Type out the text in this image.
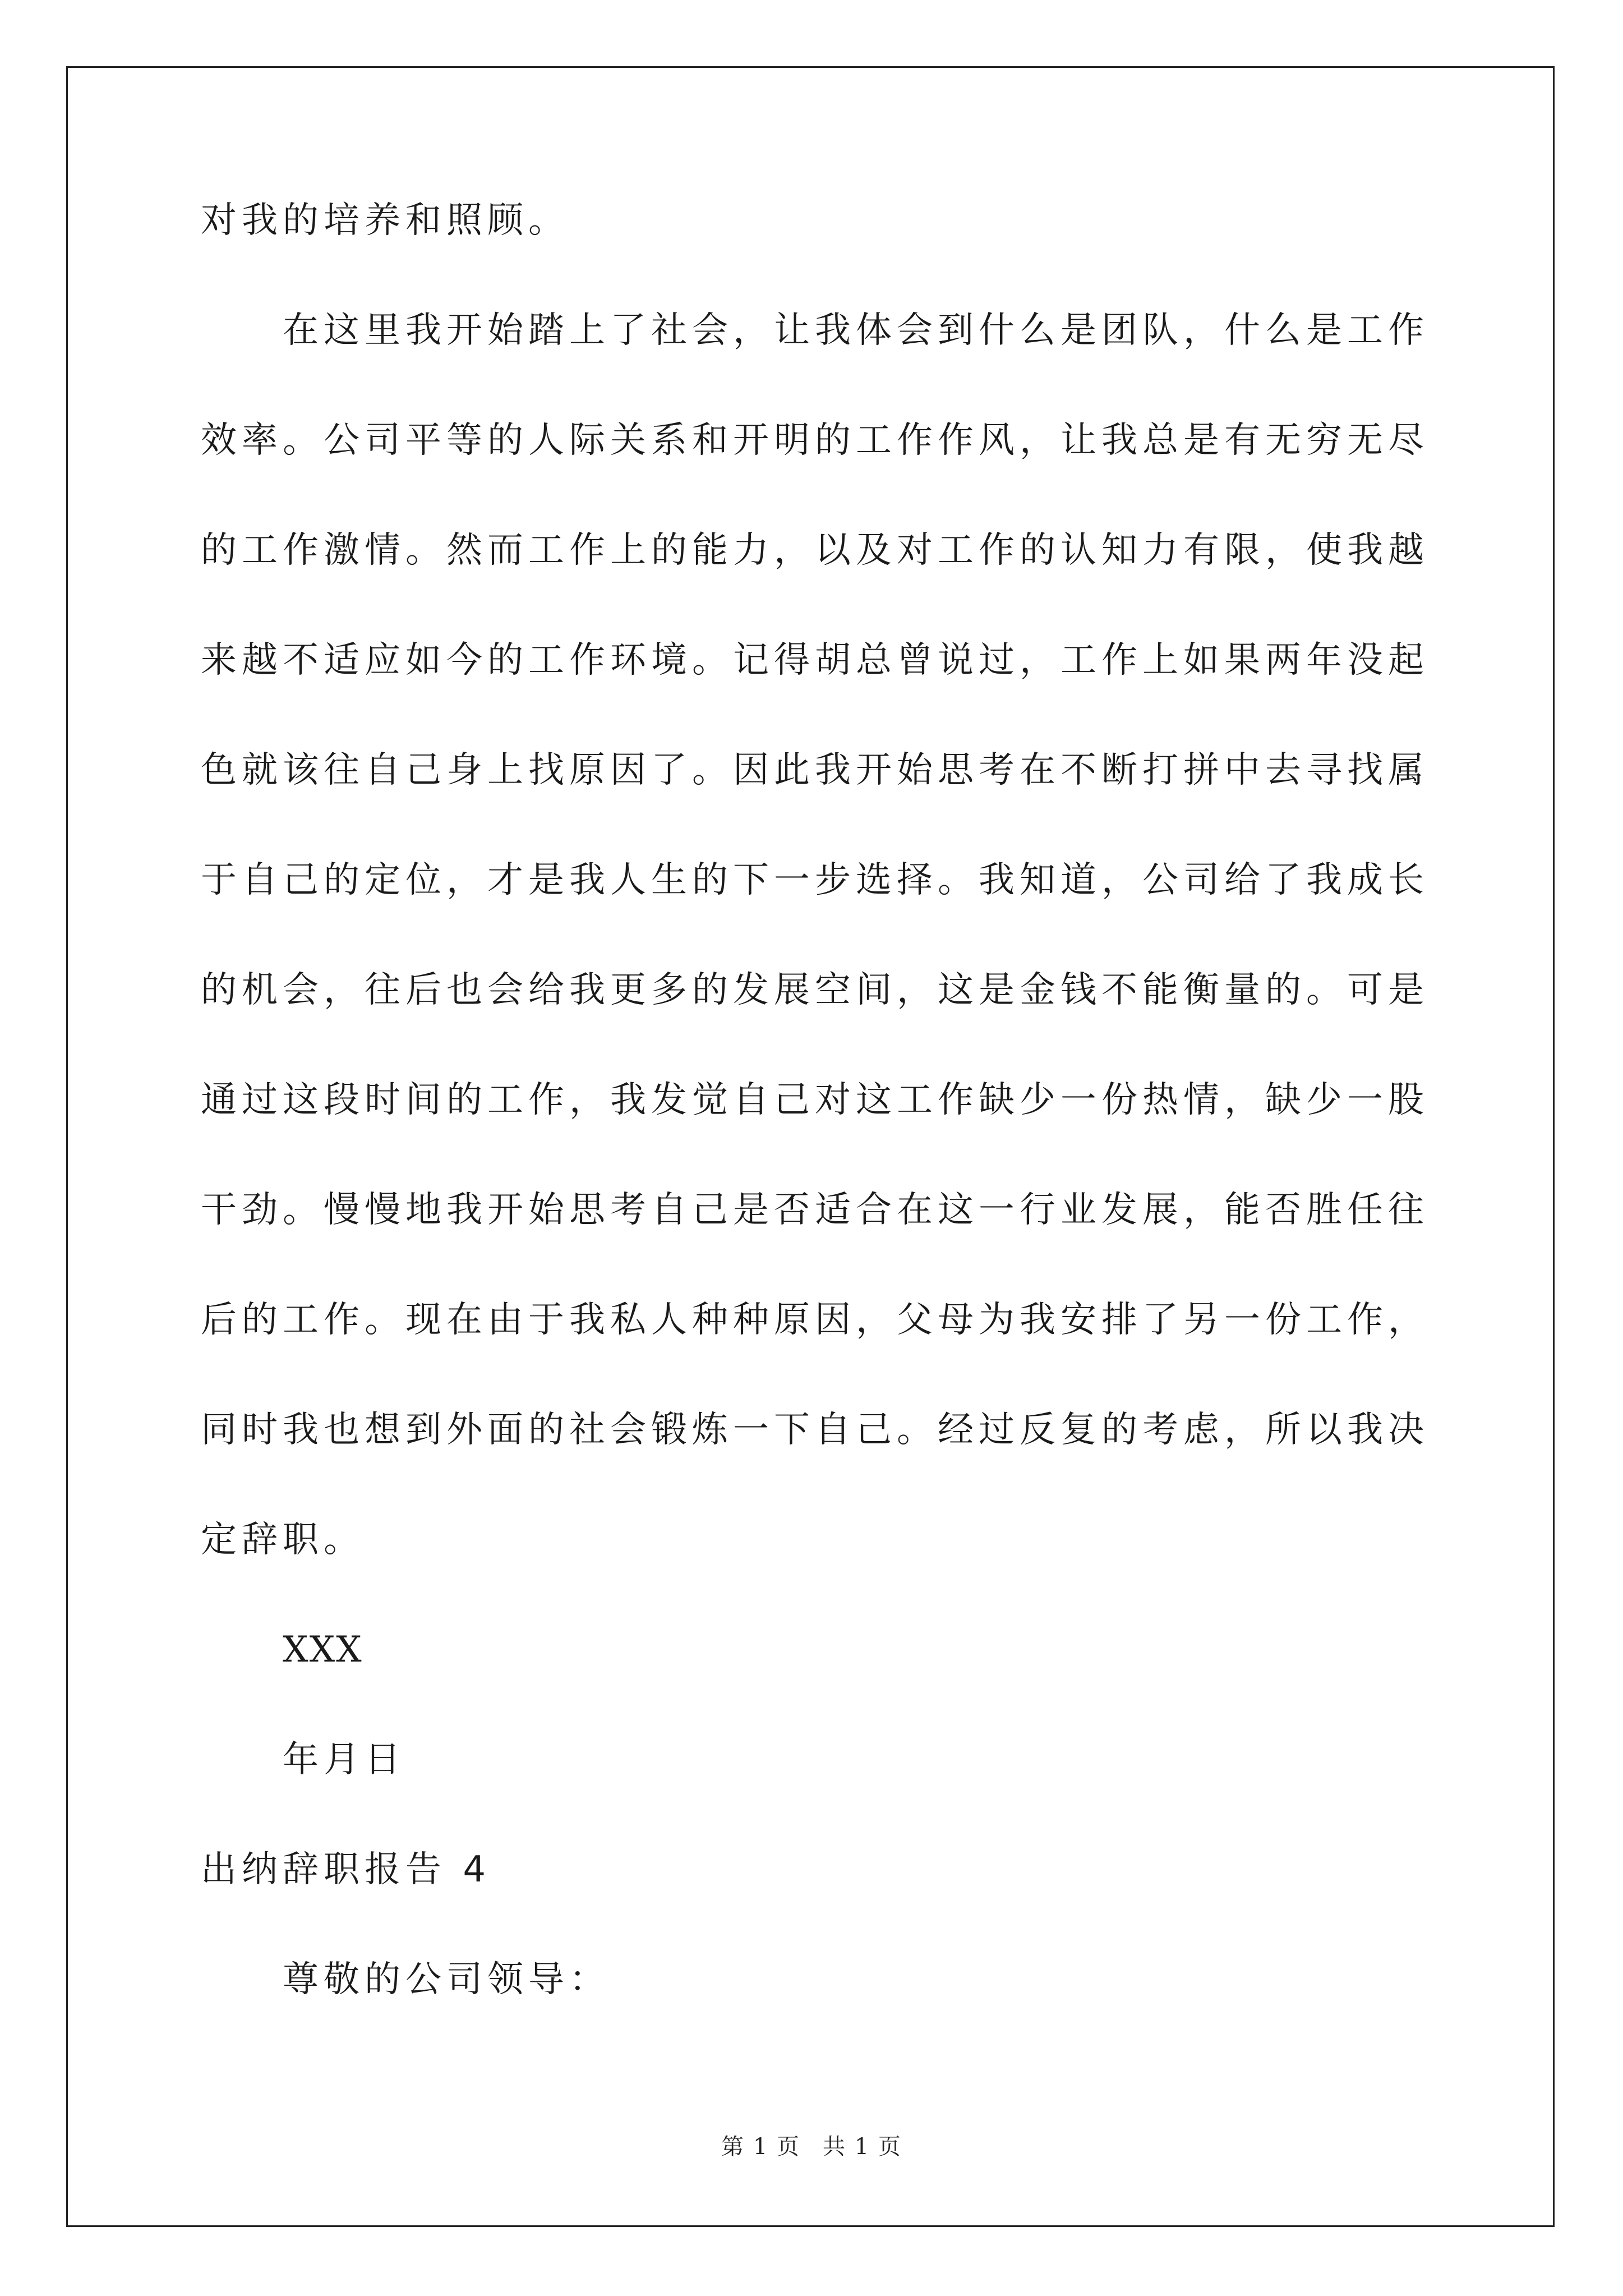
对我的培养和照顾。
在这里我开始踏上了社会，让我体会到什么是团队，什么是工作
效率。公司平等的人际关系和开明的工作作风，让我总是有无穷无尽
的工作激情。然而工作上的能力，以及对工作的认知力有限，使我越
来越不适应如今的工作环境。记得胡总曾说过，工作上如果两年没起
色就该往自己身上找原因了。因此我开始思考在不断打拼中去寻找属
于自己的定位，才是我人生的下一步选择。我知道，公司给了我成长
的机会，往后也会给我更多的发展空间，这是金钱不能衡量的。可是
通过这段时间的工作，我发觉自己对这工作缺少一份热情，缺少一股
干劲。慢慢地我开始思考自己是否适合在这一行业发展，能否胜任往
后的工作。现在由于我私人种种原因，父母为我安排了另一份工作，
同时我也想到外面的社会锻炼一下自己。经过反复的考虑，所以我决
定辞职。
XXX
年月日
出纳辞职报告 4
尊敬的公司领导：
第 1 页 共 1 页
